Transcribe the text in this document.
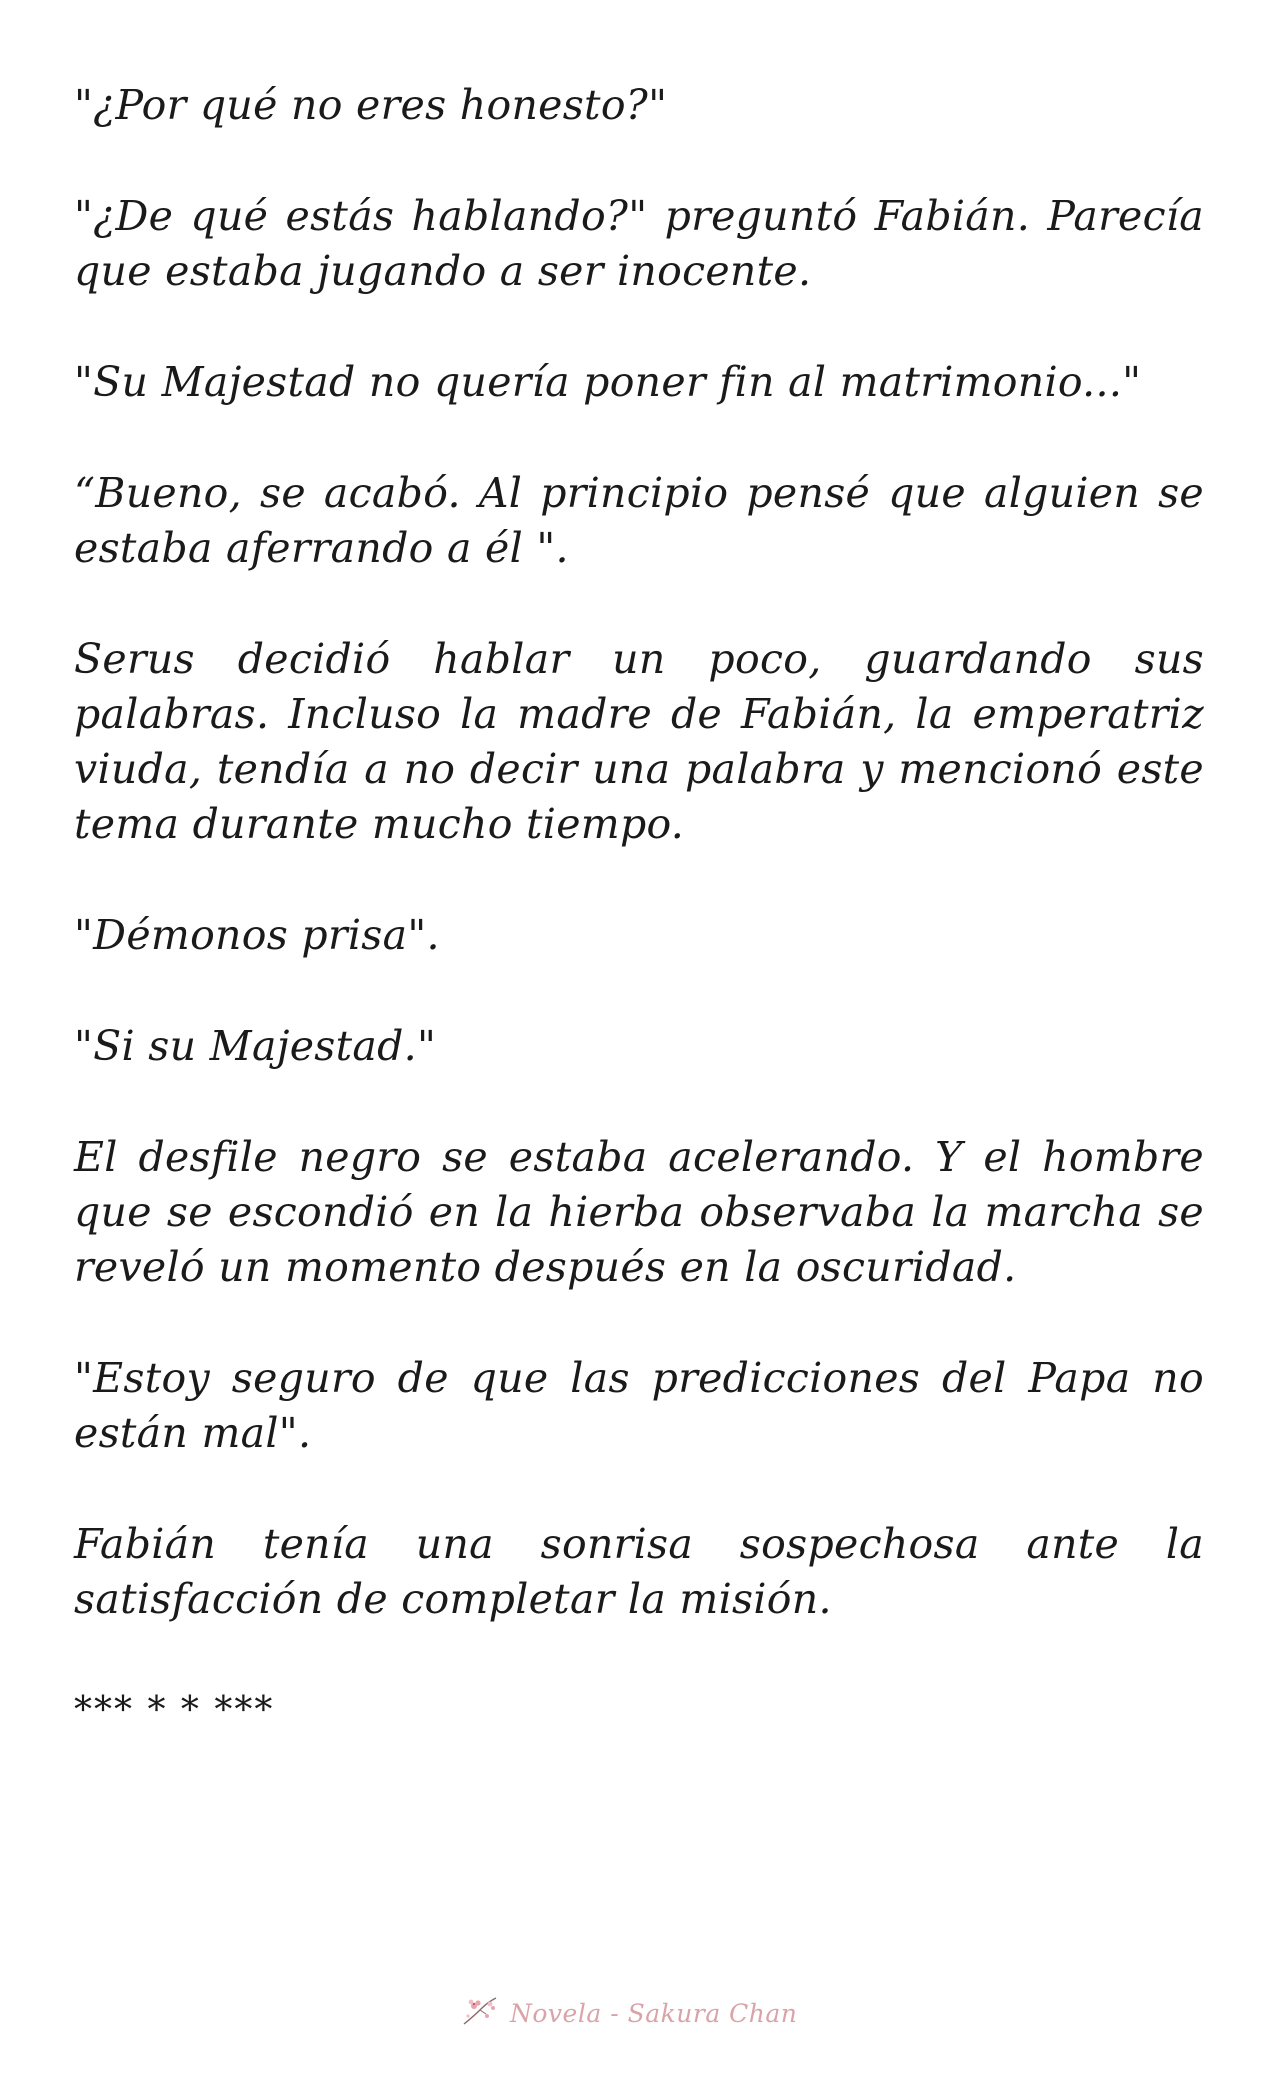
"¿Por qué no eres honesto?"

"¿De qué estás hablando?" preguntó Fabián. Parecía que estaba jugando a ser inocente.

"Su Majestad no quería poner fin al matrimonio..."

“Bueno, se acabó. Al principio pensé que alguien se estaba aferrando a él ".

Serus decidió hablar un poco, guardando sus palabras. Incluso la madre de Fabián, la emperatriz viuda, tendía a no decir una palabra y mencionó este tema durante mucho tiempo.

"Démonos prisa".

"Si su Majestad."

El desfile negro se estaba acelerando. Y el hombre que se escondió en la hierba observaba la marcha se reveló un momento después en la oscuridad.

"Estoy seguro de que las predicciones del Papa no están mal".

Fabián tenía una sonrisa sospechosa ante la satisfacción de completar la misión.

*** * * ***

Novela - Sakura Chan
